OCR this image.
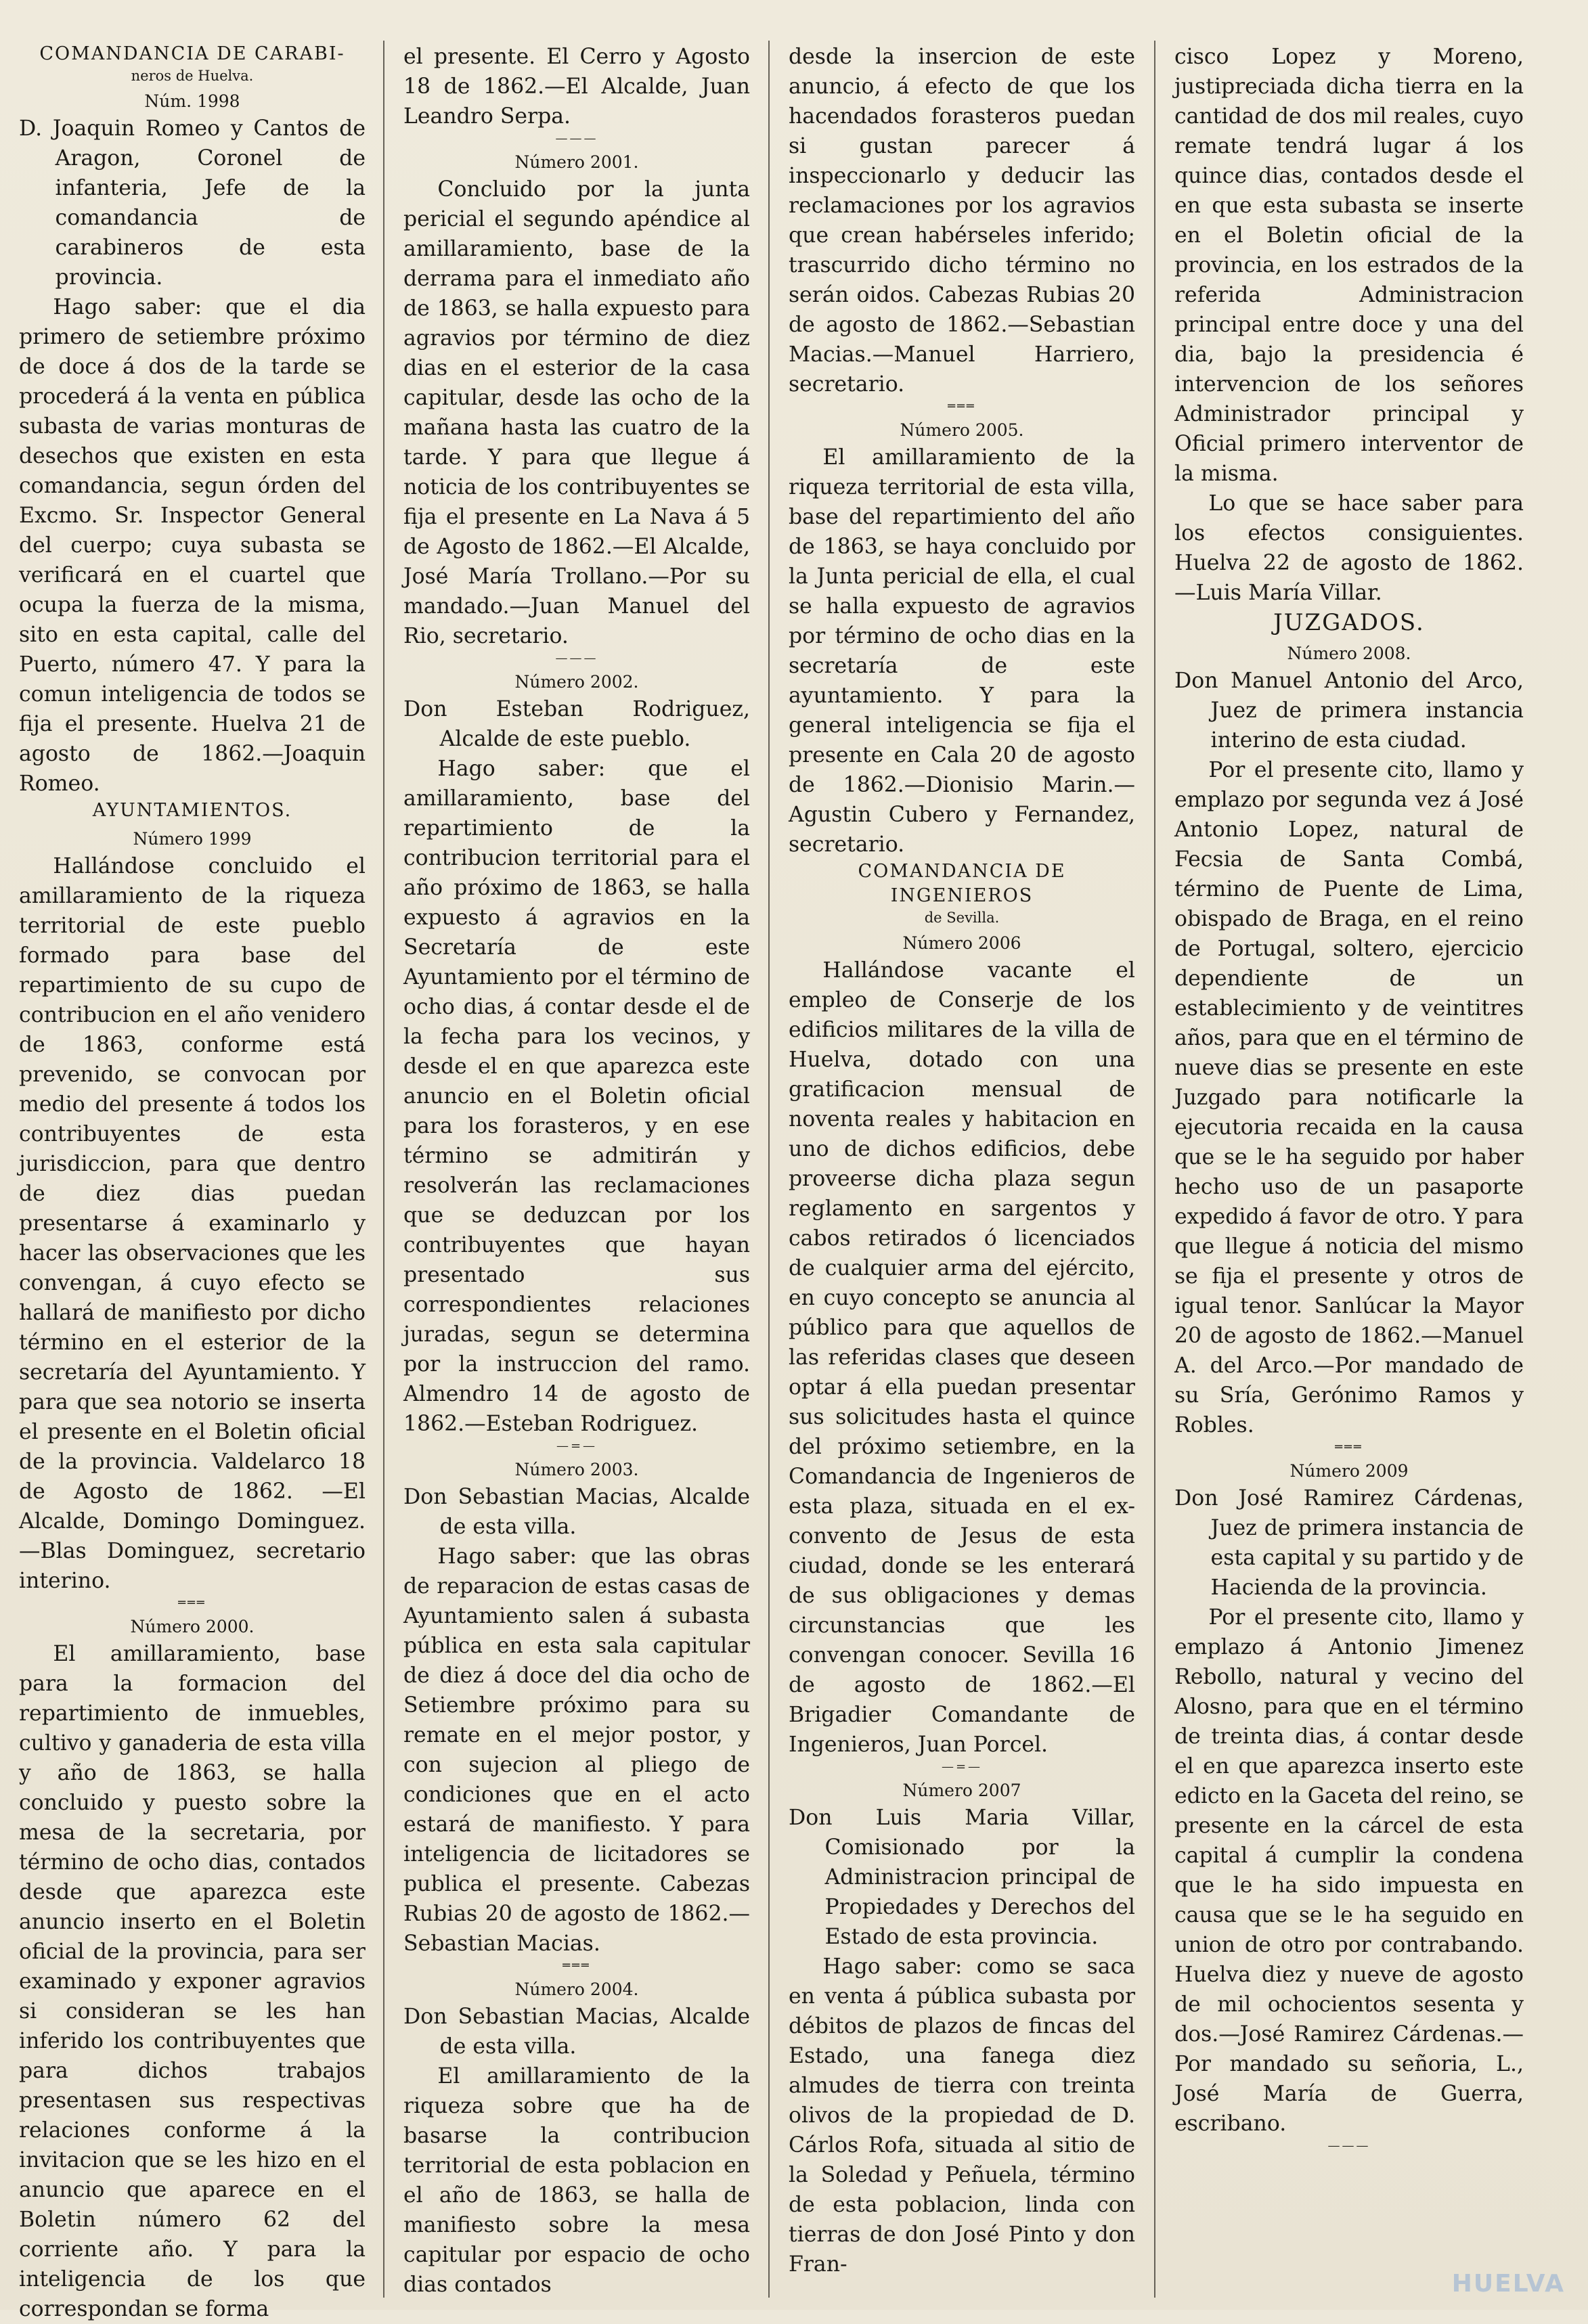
COMANDANCIA DE CARABI-

neros de Huelva.

Núm. 1998

D. Joaquin Romeo y Cantos de Aragon, Coronel de infanteria, Jefe de la comandancia de carabineros de esta provincia.

Hago saber: que el dia primero de setiembre próximo de doce á dos de la tarde se procederá á la venta en pública subasta de varias monturas de desechos que existen en esta comandancia, segun órden del Excmo. Sr. Inspector General del cuerpo; cuya subasta se verificará en el cuartel que ocupa la fuerza de la misma, sito en esta capital, calle del Puerto, número 47. Y para la comun inteligencia de todos se fija el presente. Huelva 21 de agosto de 1862.—Joaquin Romeo.

AYUNTAMIENTOS.

Número 1999

Hallándose concluido el amillaramiento de la riqueza territorial de este pueblo formado para base del repartimiento de su cupo de contribucion en el año venidero de 1863, conforme está prevenido, se convocan por medio del presente á todos los contribuyentes de esta jurisdiccion, para que dentro de diez dias puedan presentarse á examinarlo y hacer las observaciones que les convengan, á cuyo efecto se hallará de manifiesto por dicho término en el esterior de la secretaría del Ayuntamiento. Y para que sea notorio se inserta el presente en el Boletin oficial de la provincia. Valdelarco 18 de Agosto de 1862. —El Alcalde, Domingo Dominguez.—Blas Dominguez, secretario interino.

═══

Número 2000.

El amillaramiento, base para la formacion del repartimiento de inmuebles, cultivo y ganaderia de esta villa y año de 1863, se halla concluido y puesto sobre la mesa de la secretaria, por término de ocho dias, contados desde que aparezca este anuncio inserto en el Boletin oficial de la provincia, para ser examinado y exponer agravios si consideran se les han inferido los contribuyentes que para dichos trabajos presentasen sus respectivas relaciones conforme á la invitacion que se les hizo en el anuncio que aparece en el Boletin número 62 del corriente año. Y para la inteligencia de los que correspondan se forma

el presente. El Cerro y Agosto 18 de 1862.—El Alcalde, Juan Leandro Serpa.

———

Número 2001.

Concluido por la junta pericial el segundo apéndice al amillaramiento, base de la derrama para el inmediato año de 1863, se halla expuesto para agravios por término de diez dias en el esterior de la casa capitular, desde las ocho de la mañana hasta las cuatro de la tarde. Y para que llegue á noticia de los contribuyentes se fija el presente en La Nava á 5 de Agosto de 1862.—El Alcalde, José María Trollano.—Por su mandado.—Juan Manuel del Rio, secretario.

———

Número 2002.

Don Esteban Rodriguez, Alcalde de este pueblo.

Hago saber: que el amillaramiento, base del repartimiento de la contribucion territorial para el año próximo de 1863, se halla expuesto á agravios en la Secretaría de este Ayuntamiento por el término de ocho dias, á contar desde el de la fecha para los vecinos, y desde el en que aparezca este anuncio en el Boletin oficial para los forasteros, y en ese término se admitirán y resolverán las reclamaciones que se deduzcan por los contribuyentes que hayan presentado sus correspondientes relaciones juradas, segun se determina por la instruccion del ramo. Almendro 14 de agosto de 1862.—Esteban Rodriguez.

—=—

Número 2003.

Don Sebastian Macias, Alcalde de esta villa.

Hago saber: que las obras de reparacion de estas casas de Ayuntamiento salen á subasta pública en esta sala capitular de diez á doce del dia ocho de Setiembre próximo para su remate en el mejor postor, y con sujecion al pliego de condiciones que en el acto estará de manifiesto. Y para inteligencia de licitadores se publica el presente. Cabezas Rubias 20 de agosto de 1862.—Sebastian Macias.

═══

Número 2004.

Don Sebastian Macias, Alcalde de esta villa.

El amillaramiento de la riqueza sobre que ha de basarse la contribucion territorial de esta poblacion en el año de 1863, se halla de manifiesto sobre la mesa capitular por espacio de ocho dias contados

desde la insercion de este anuncio, á efecto de que los hacendados forasteros puedan si gustan parecer á inspeccionarlo y deducir las reclamaciones por los agravios que crean habérseles inferido; trascurrido dicho término no serán oidos. Cabezas Rubias 20 de agosto de 1862.—Sebastian Macias.—Manuel Harriero, secretario.

═══

Número 2005.

El amillaramiento de la riqueza territorial de esta villa, base del repartimiento del año de 1863, se haya concluido por la Junta pericial de ella, el cual se halla expuesto de agravios por término de ocho dias en la secretaría de este ayuntamiento. Y para la general inteligencia se fija el presente en Cala 20 de agosto de 1862.—Dionisio Marin.—Agustin Cubero y Fernandez, secretario.

COMANDANCIA DE INGENIEROS

de Sevilla.

Número 2006

Hallándose vacante el empleo de Conserje de los edificios militares de la villa de Huelva, dotado con una gratificacion mensual de noventa reales y habitacion en uno de dichos edificios, debe proveerse dicha plaza segun reglamento en sargentos y cabos retirados ó licenciados de cualquier arma del ejército, en cuyo concepto se anuncia al público para que aquellos de las referidas clases que deseen optar á ella puedan presentar sus solicitudes hasta el quince del próximo setiembre, en la Comandancia de Ingenieros de esta plaza, situada en el ex-convento de Jesus de esta ciudad, donde se les enterará de sus obligaciones y demas circunstancias que les convengan conocer. Sevilla 16 de agosto de 1862.—El Brigadier Comandante de Ingenieros, Juan Porcel.

—=—

Número 2007

Don Luis Maria Villar, Comisionado por la Administracion principal de Propiedades y Derechos del Estado de esta provincia.

Hago saber: como se saca en venta á pública subasta por débitos de plazos de fincas del Estado, una fanega diez almudes de tierra con treinta olivos de la propiedad de D. Cárlos Rofa, situada al sitio de la Soledad y Peñuela, término de esta poblacion, linda con tierras de don José Pinto y don Fran-

cisco Lopez y Moreno, justipreciada dicha tierra en la cantidad de dos mil reales, cuyo remate tendrá lugar á los quince dias, contados desde el en que esta subasta se inserte en el Boletin oficial de la provincia, en los estrados de la referida Administracion principal entre doce y una del dia, bajo la presidencia é intervencion de los señores Administrador principal y Oficial primero interventor de la misma.

Lo que se hace saber para los efectos consiguientes. Huelva 22 de agosto de 1862. —Luis María Villar.

JUZGADOS.

Número 2008.

Don Manuel Antonio del Arco, Juez de primera instancia interino de esta ciudad.

Por el presente cito, llamo y emplazo por segunda vez á José Antonio Lopez, natural de Fecsia de Santa Combá, término de Puente de Lima, obispado de Braga, en el reino de Portugal, soltero, ejercicio dependiente de un establecimiento y de veintitres años, para que en el término de nueve dias se presente en este Juzgado para notificarle la ejecutoria recaida en la causa que se le ha seguido por haber hecho uso de un pasaporte expedido á favor de otro. Y para que llegue á noticia del mismo se fija el presente y otros de igual tenor. Sanlúcar la Mayor 20 de agosto de 1862.—Manuel A. del Arco.—Por mandado de su Sría, Gerónimo Ramos y Robles.

═══

Número 2009

Don José Ramirez Cárdenas, Juez de primera instancia de esta capital y su partido y de Hacienda de la provincia.

Por el presente cito, llamo y emplazo á Antonio Jimenez Rebollo, natural y vecino del Alosno, para que en el término de treinta dias, á contar desde el en que aparezca inserto este edicto en la Gaceta del reino, se presente en la cárcel de esta capital á cumplir la condena que le ha sido impuesta en causa que se le ha seguido en union de otro por contrabando. Huelva diez y nueve de agosto de mil ochocientos sesenta y dos.—José Ramirez Cárdenas.—Por mandado su señoria, L., José María de Guerra, escribano.

———

HUELVA
